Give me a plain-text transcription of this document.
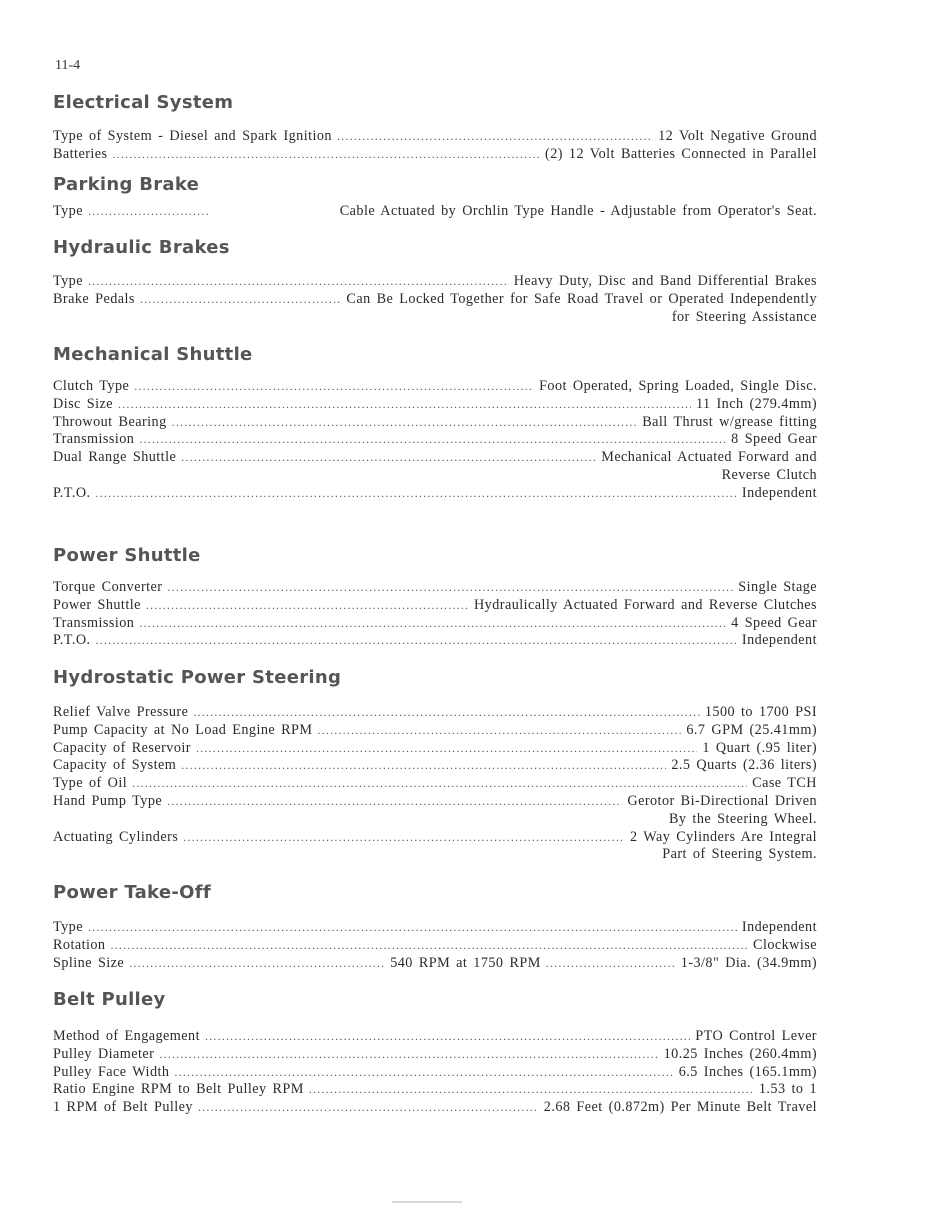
11-4
Electrical System
Type of System - Diesel and Spark Ignition .....	12 Volt Negative Ground
Batteries .....	(2) 12 Volt Batteries Connected in Parallel
Parking Brake
Type .....	Cable Actuated by Orchlin Type Handle - Adjustable from Operator's Seat.
Hydraulic Brakes
Type .....	Heavy Duty, Disc and Band Differential Brakes
Brake Pedals .....	Can Be Locked Together for Safe Road Travel or Operated Independently
for Steering Assistance
Mechanical Shuttle
Clutch Type .....	Foot Operated, Spring Loaded, Single Disc.
Disc Size .....	11 Inch (279.4mm)
Throwout Bearing .....	Ball Thrust w/grease fitting
Transmission .....	8 Speed Gear
Dual Range Shuttle .....	Mechanical Actuated Forward and
Reverse Clutch
P.T.O. .....	Independent
Power Shuttle
Torque Converter .....	Single Stage
Power Shuttle .....	Hydraulically Actuated Forward and Reverse Clutches
Transmission .....	4 Speed Gear
P.T.O. .....	Independent
Hydrostatic Power Steering
Relief Valve Pressure .....	1500 to 1700 PSI
Pump Capacity at No Load Engine RPM .....	6.7 GPM (25.41mm)
Capacity of Reservoir .....	1 Quart (.95 liter)
Capacity of System .....	2.5 Quarts (2.36 liters)
Type of Oil .....	Case TCH
Hand Pump Type .....	Gerotor Bi-Directional Driven
By the Steering Wheel.
Actuating Cylinders .....	2 Way Cylinders Are Integral
Part of Steering System.
Power Take-Off
Type .....	Independent
Rotation .....	Clockwise
Spline Size .....	540 RPM at 1750 RPM .....	1-3/8" Dia. (34.9mm)
Belt Pulley
Method of Engagement .....	PTO Control Lever
Pulley Diameter .....	10.25 Inches (260.4mm)
Pulley Face Width .....	6.5 Inches (165.1mm)
Ratio Engine RPM to Belt Pulley RPM .....	1.53 to 1
1 RPM of Belt Pulley .....	2.68 Feet (0.872m) Per Minute Belt Travel
